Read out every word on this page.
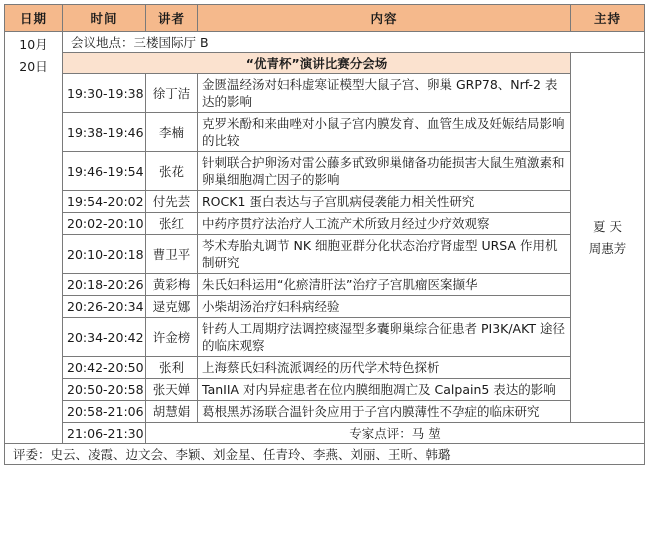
日期	时间	讲者	内容	主持

10月
20日	会议地点：三楼国际厅 B			
	“优青杯”演讲比赛分会场			夏 天
周惠芳

	19:30-19:38	徐丁洁	金匮温经汤对妇科虚寒证模型大鼠子宫、卵巢 GRP78、Nrf-2 表达的影响	
	19:38-19:46	李楠	克罗米酚和来曲唑对小鼠子宫内膜发育、血管生成及妊娠结局影响的比较	
	19:46-19:54	张花	针刺联合护卵汤对雷公藤多甙致卵巢储备功能损害大鼠生殖激素和卵巢细胞凋亡因子的影响	
	19:54-20:02	付先芸	ROCK1 蛋白表达与子宫肌病侵袭能力相关性研究	
	20:02-20:10	张红	中药序贯疗法治疗人工流产术所致月经过少疗效观察	
	20:10-20:18	曹卫平	芩术寿胎丸调节 NK 细胞亚群分化状态治疗肾虚型 URSA 作用机制研究	
	20:18-20:26	黄彩梅	朱氏妇科运用“化瘀清肝法”治疗子宫肌瘤医案撷华	
	20:26-20:34	逯克娜	小柴胡汤治疗妇科病经验	
	20:34-20:42	许金榜	针药人工周期疗法调控痰湿型多囊卵巢综合征患者 PI3K/AKT 途径的临床观察	
	20:42-20:50	张利	上海蔡氏妇科流派调经的历代学术特色探析	
	20:50-20:58	张天婵	TanIIA 对内异症患者在位内膜细胞凋亡及 Calpain5 表达的影响	
	20:58-21:06	胡慧娟	葛根黑苏汤联合温针灸应用于子宫内膜薄性不孕症的临床研究	
	21:06-21:30	专家点评：马 堃		
评委：史云、凌霞、边文会、李颖、刘金星、任青玲、李燕、刘丽、王昕、韩璐				
